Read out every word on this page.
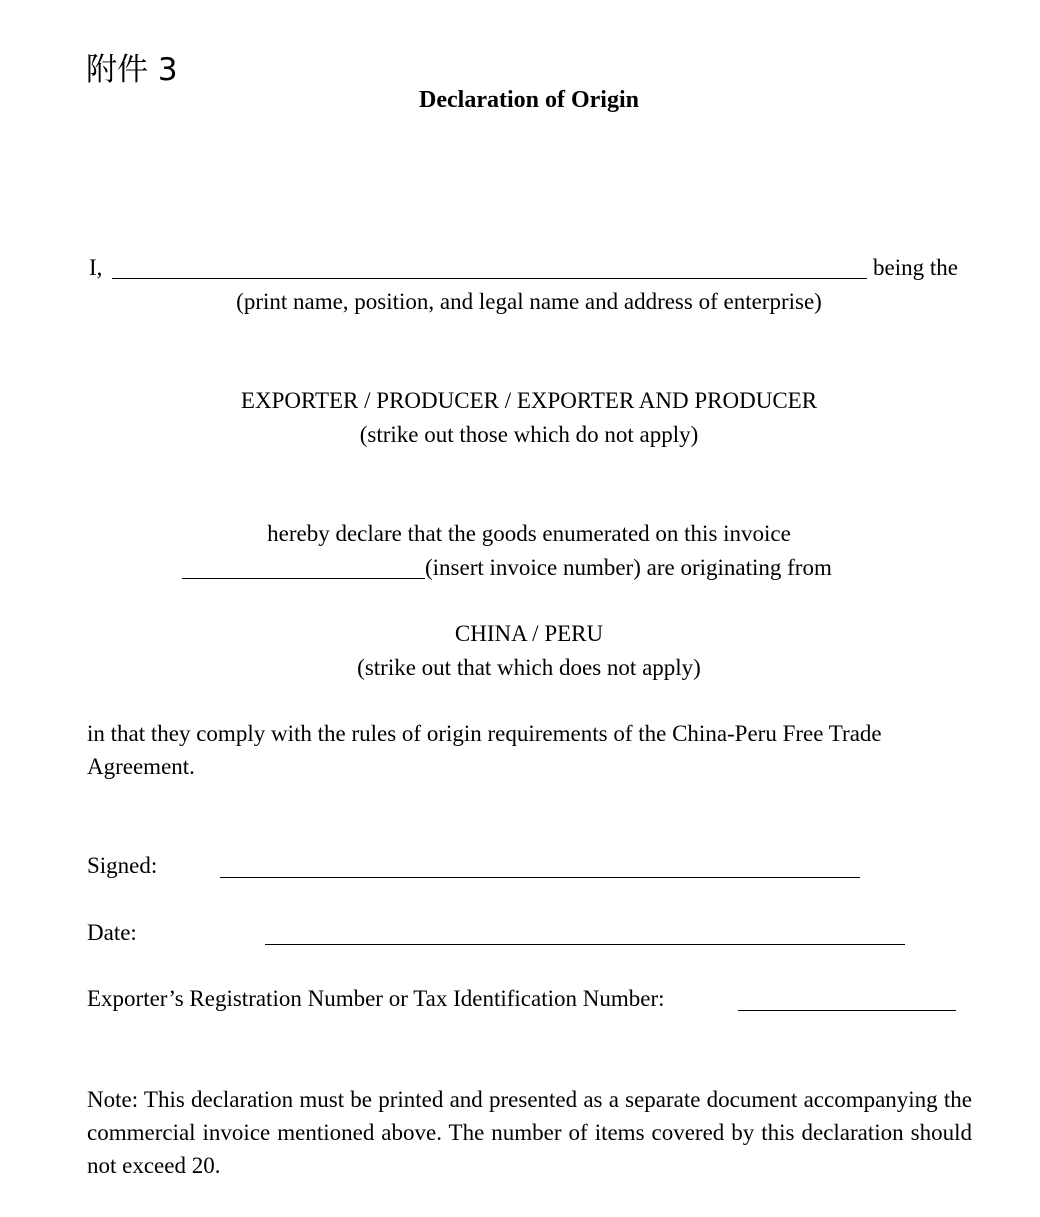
附件 3
Declaration of Origin
I,	being the
(print name, position, and legal name and address of enterprise)
EXPORTER / PRODUCER / EXPORTER AND PRODUCER
(strike out those which do not apply)
hereby declare that the goods enumerated on this invoice
(insert invoice number) are originating from
CHINA / PERU
(strike out that which does not apply)
in that they comply with the rules of origin requirements of the China-Peru Free Trade Agreement.
Signed:
Date:
Exporter’s Registration Number or Tax Identification Number:
Note: This declaration must be printed and presented as a separate document accompanying the commercial invoice mentioned above. The number of items covered by this declaration should not exceed 20.
